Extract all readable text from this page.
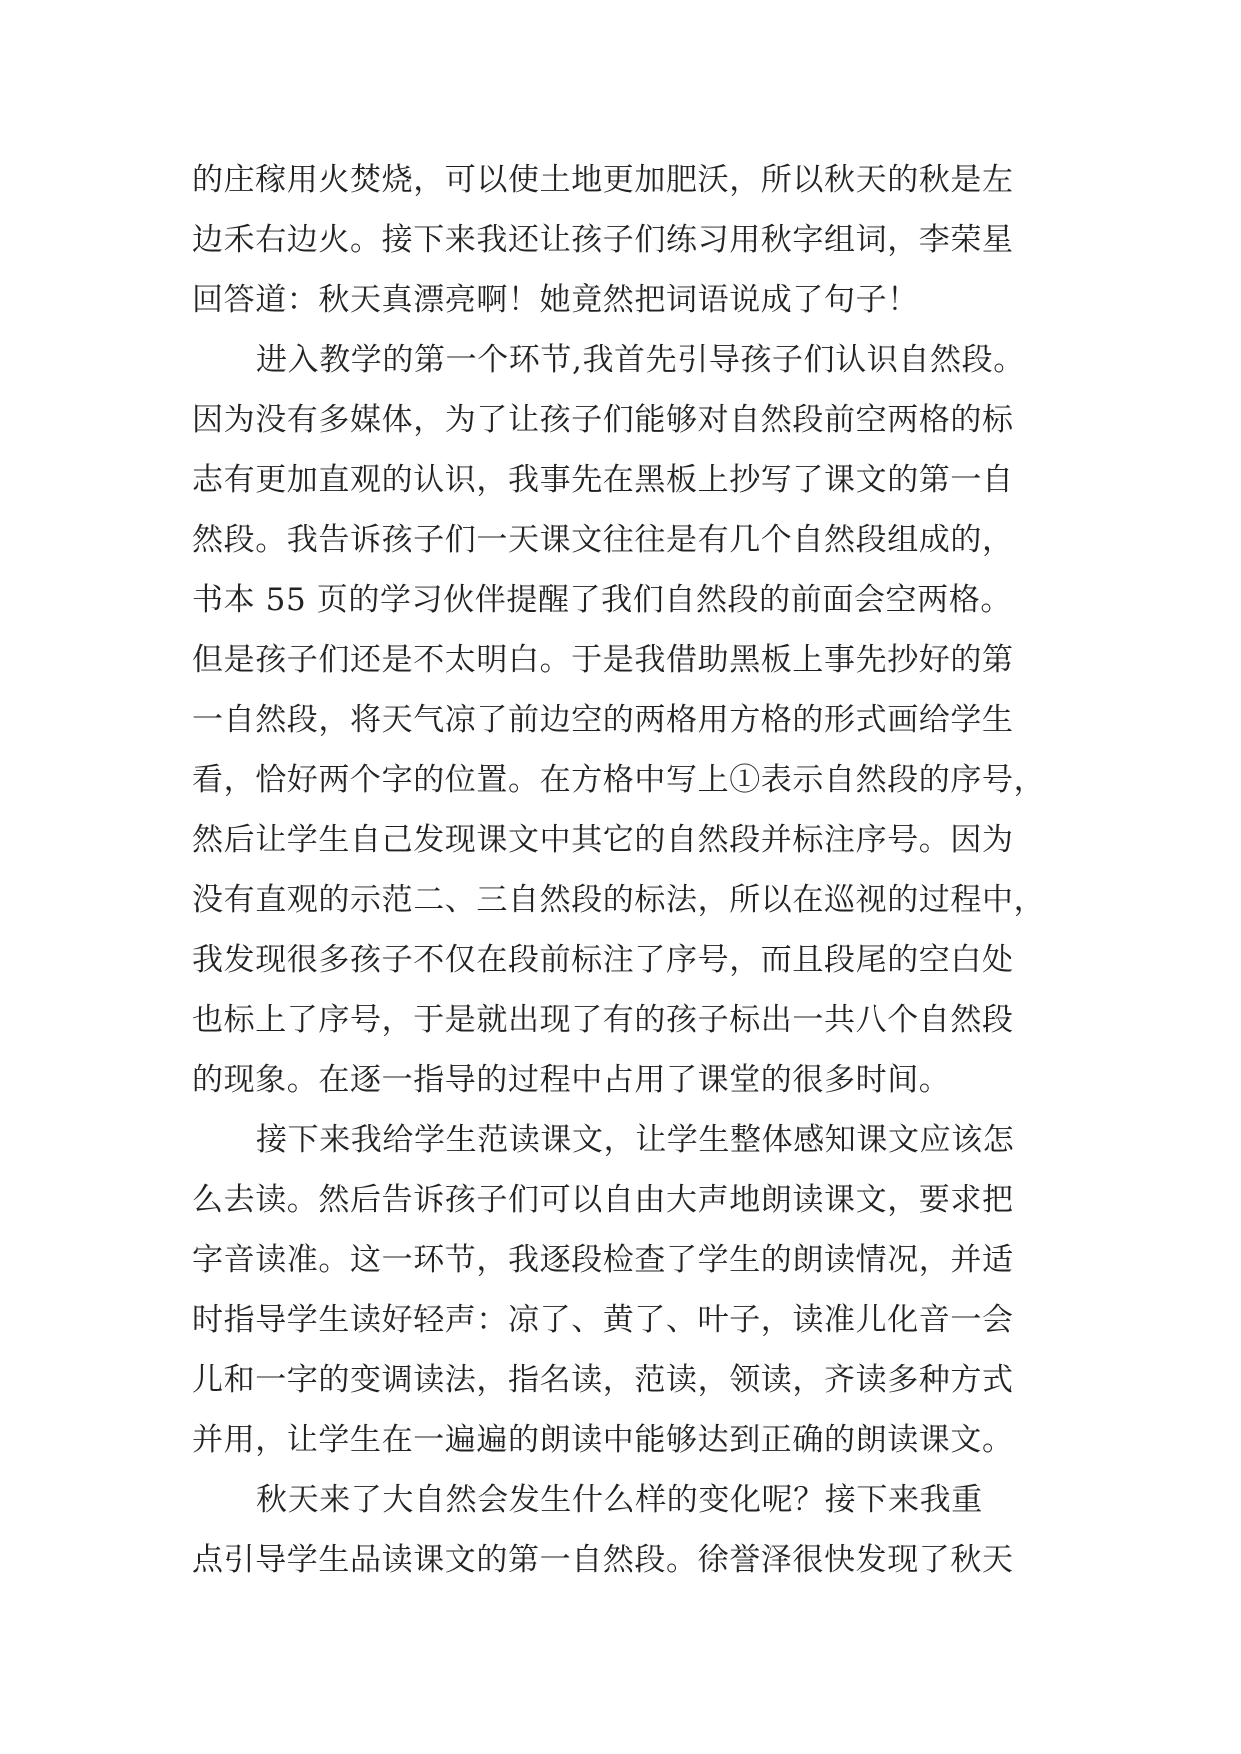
的庄稼用火焚烧，可以使土地更加肥沃，所以秋天的秋是左
边禾右边火。接下来我还让孩子们练习用秋字组词，李荣星
回答道：秋天真漂亮啊！她竟然把词语说成了句子！
进入教学的第一个环节,我首先引导孩子们认识自然段。
因为没有多媒体，为了让孩子们能够对自然段前空两格的标
志有更加直观的认识，我事先在黑板上抄写了课文的第一自
然段。我告诉孩子们一天课文往往是有几个自然段组成的，
书本 55 页的学习伙伴提醒了我们自然段的前面会空两格。
但是孩子们还是不太明白。于是我借助黑板上事先抄好的第
一自然段，将天气凉了前边空的两格用方格的形式画给学生
看，恰好两个字的位置。在方格中写上①表示自然段的序号，
然后让学生自己发现课文中其它的自然段并标注序号。因为
没有直观的示范二、三自然段的标法，所以在巡视的过程中，
我发现很多孩子不仅在段前标注了序号，而且段尾的空白处
也标上了序号，于是就出现了有的孩子标出一共八个自然段
的现象。在逐一指导的过程中占用了课堂的很多时间。
接下来我给学生范读课文，让学生整体感知课文应该怎
么去读。然后告诉孩子们可以自由大声地朗读课文，要求把
字音读准。这一环节，我逐段检查了学生的朗读情况，并适
时指导学生读好轻声：凉了、黄了、叶子，读准儿化音一会
儿和一字的变调读法，指名读，范读，领读，齐读多种方式
并用，让学生在一遍遍的朗读中能够达到正确的朗读课文。
秋天来了大自然会发生什么样的变化呢？接下来我重
点引导学生品读课文的第一自然段。徐誉泽很快发现了秋天
